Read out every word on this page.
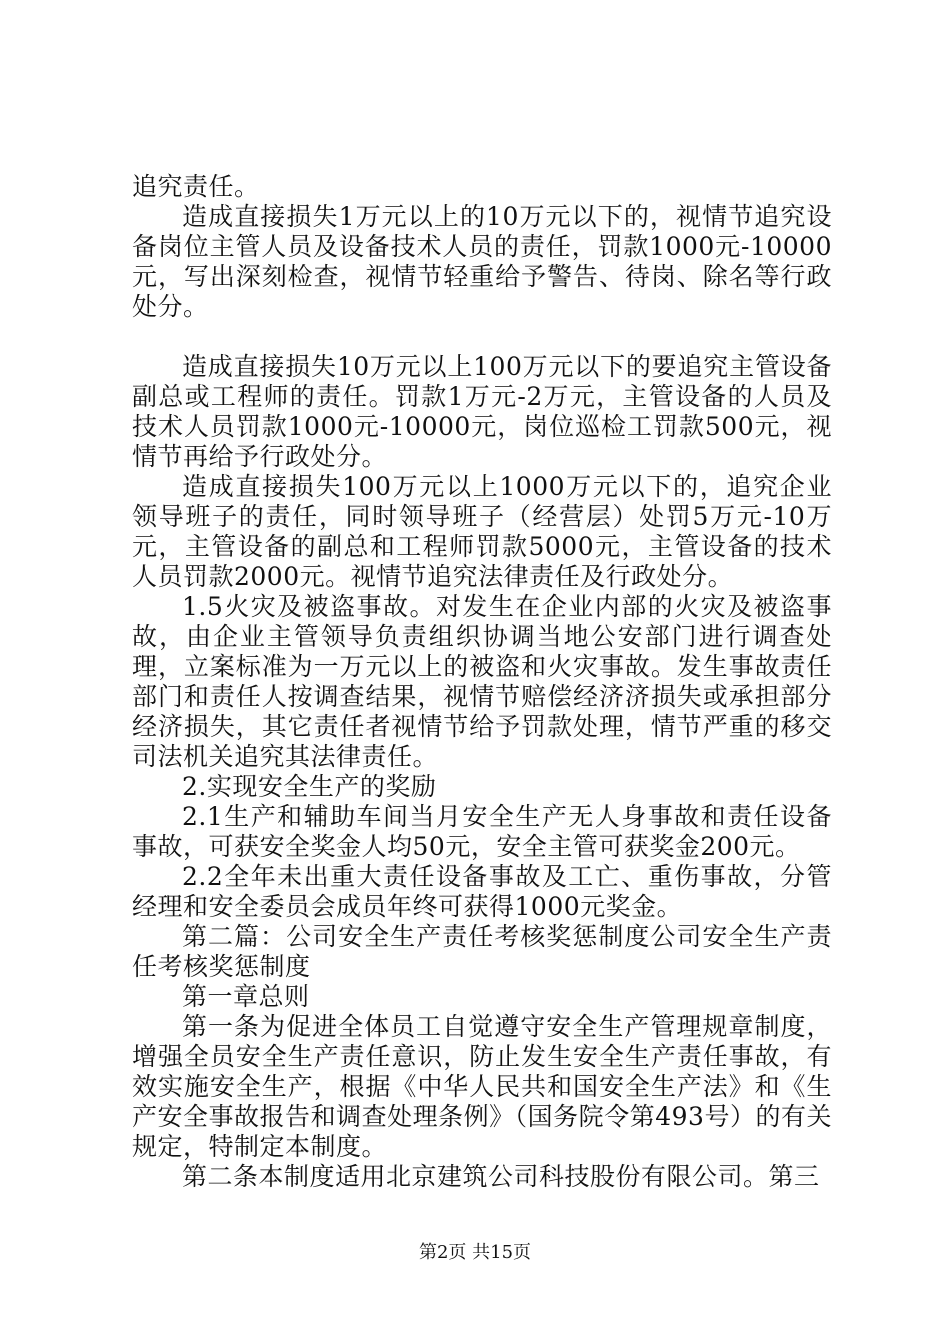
追究责任。

造成直接损失1万元以上的10万元以下的，视情节追究设备岗位主管人员及设备技术人员的责任，罚款1000元-10000元，写出深刻检查，视情节轻重给予警告、待岗、除名等行政处分。

造成直接损失10万元以上100万元以下的要追究主管设备副总或工程师的责任。罚款1万元-2万元，主管设备的人员及技术人员罚款1000元-10000元，岗位巡检工罚款500元，视情节再给予行政处分。

造成直接损失100万元以上1000万元以下的，追究企业领导班子的责任，同时领导班子（经营层）处罚5万元-10万元，主管设备的副总和工程师罚款5000元，主管设备的技术人员罚款2000元。视情节追究法律责任及行政处分。

1.5火灾及被盗事故。对发生在企业内部的火灾及被盗事故，由企业主管领导负责组织协调当地公安部门进行调查处理，立案标准为一万元以上的被盗和火灾事故。发生事故责任部门和责任人按调查结果，视情节赔偿经济济损失或承担部分经济损失，其它责任者视情节给予罚款处理，情节严重的移交司法机关追究其法律责任。

2.实现安全生产的奖励

2.1生产和辅助车间当月安全生产无人身事故和责任设备事故，可获安全奖金人均50元，安全主管可获奖金200元。

2.2全年未出重大责任设备事故及工亡、重伤事故，分管经理和安全委员会成员年终可获得1000元奖金。

第二篇：公司安全生产责任考核奖惩制度公司安全生产责任考核奖惩制度

第一章总则

第一条为促进全体员工自觉遵守安全生产管理规章制度，增强全员安全生产责任意识，防止发生安全生产责任事故，有效实施安全生产，根据《中华人民共和国安全生产法》和《生产安全事故报告和调查处理条例》（国务院令第493号）的有关规定，特制定本制度。

第二条本制度适用北京建筑公司科技股份有限公司。第三

第2页 共15页
